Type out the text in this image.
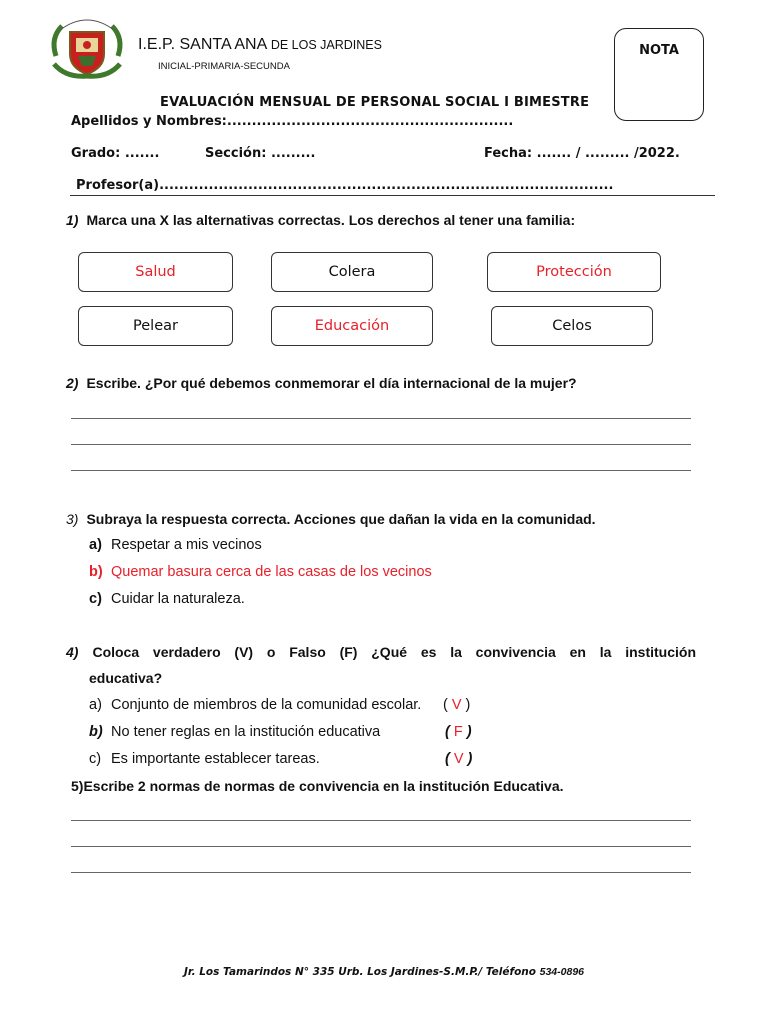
I.E.P. SANTA ANA DE LOS JARDINES
INICIAL-PRIMARIA-SECUNDA
NOTA
EVALUACIÓN MENSUAL DE PERSONAL SOCIAL I BIMESTRE
Apellidos y Nombres:..........................................................
Grado: .......	Sección: .........	Fecha: ....... / ......... /2022.
Profesor(a)............................................................................................
1) Marca una X las alternativas correctas. Los derechos al tener una familia:
Salud	Colera	Protección
Pelear	Educación	Celos
2) Escribe. ¿Por qué debemos conmemorar el día internacional de la mujer?
3) Subraya la respuesta correcta. Acciones que dañan la vida en la comunidad.
a) Respetar a mis vecinos
b) Quemar basura cerca de las casas de los vecinos
c) Cuidar la naturaleza.
4) Coloca verdadero (V) o Falso (F) ¿Qué es la convivencia en la institución
educativa?
a) Conjunto de miembros de la comunidad escolar. ( V )
b) No tener reglas en la institución educativa	( F )
c) Es importante establecer tareas.	( V )
5)Escribe 2 normas de normas de convivencia en la institución Educativa.
Jr. Los Tamarindos N° 335 Urb. Los Jardines-S.M.P./ Teléfono 534-0896
